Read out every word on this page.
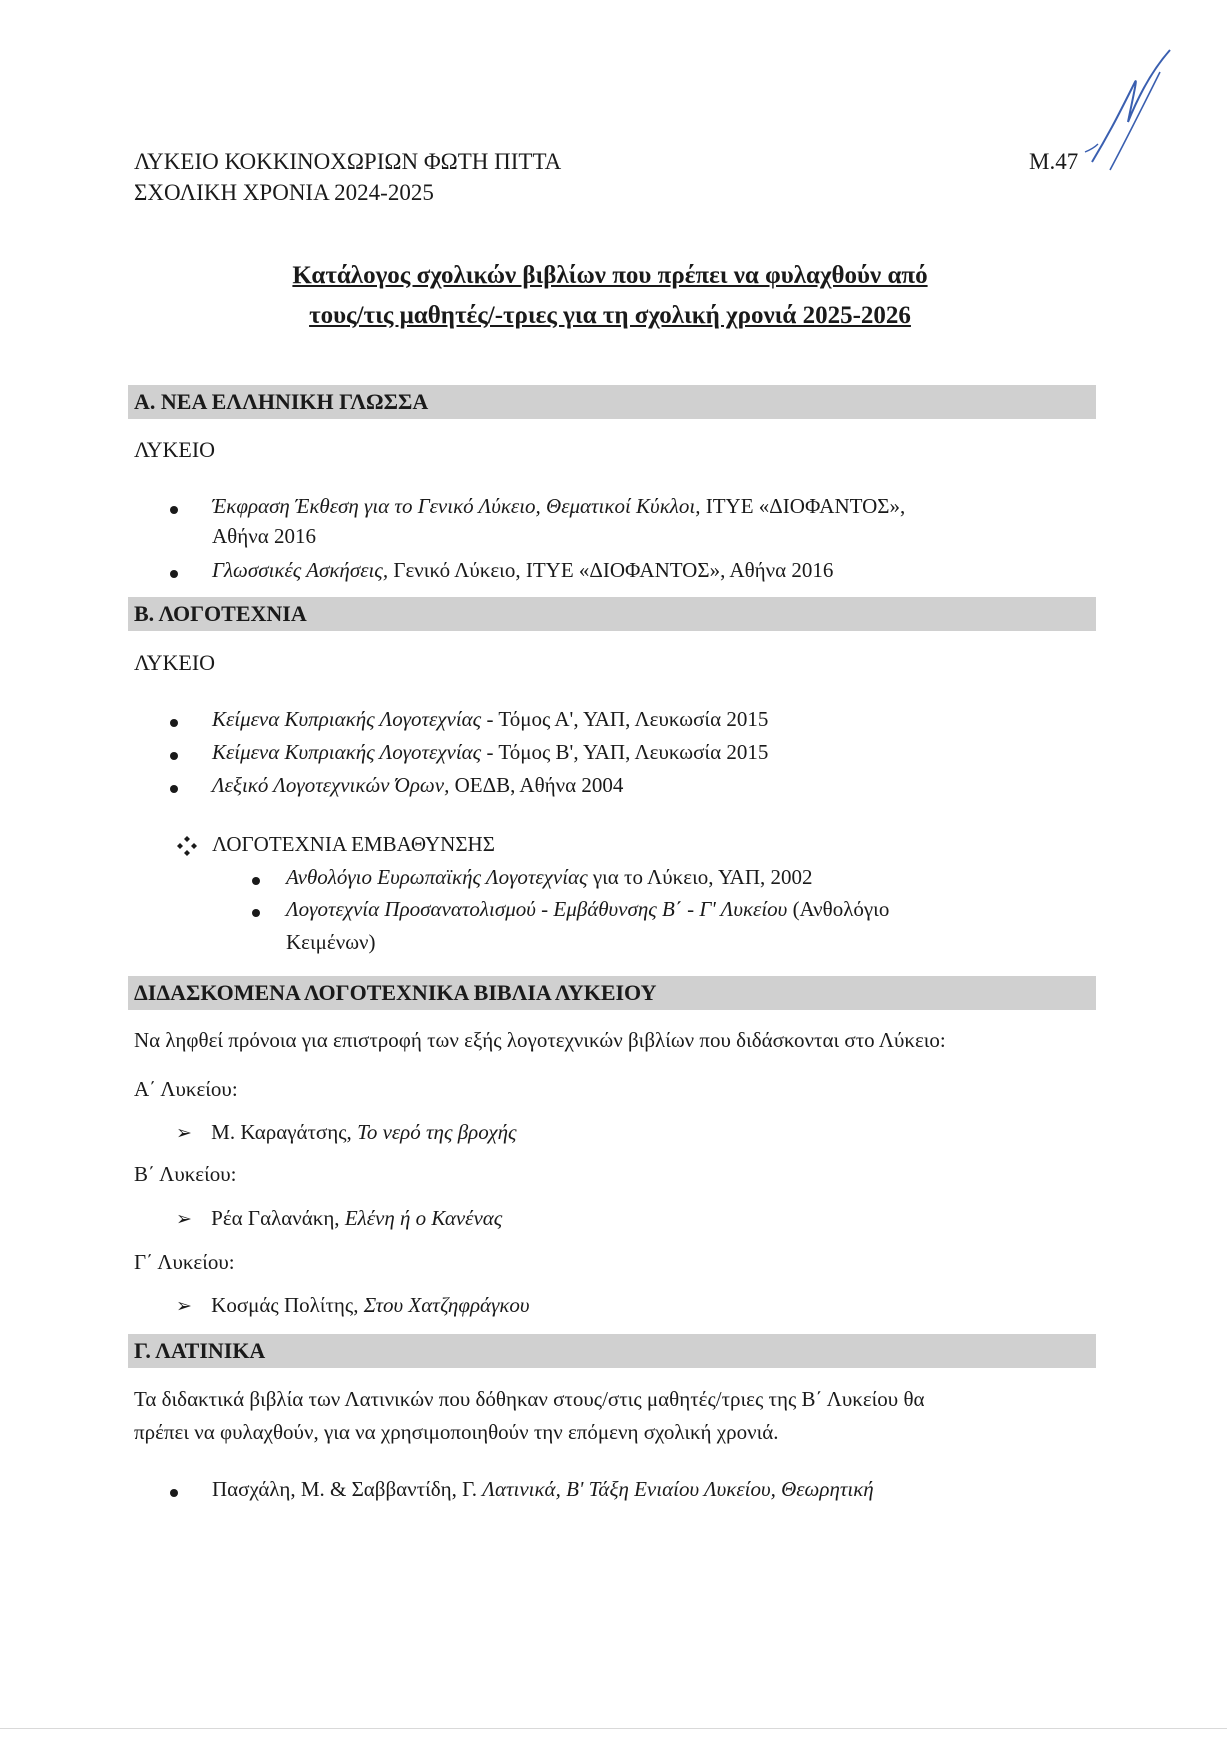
ΛΥΚΕΙΟ ΚΟΚΚΙΝΟΧΩΡΙΩΝ ΦΩΤΗ ΠΙΤΤΑ
ΣΧΟΛΙΚΗ ΧΡΟΝΙΑ 2024-2025
Μ.47
Κατάλογος σχολικών βιβλίων που πρέπει να φυλαχθούν από
τους/τις μαθητές/-τριες για τη σχολική χρονιά 2025-2026
Α. ΝΕΑ ΕΛΛΗΝΙΚΗ ΓΛΩΣΣΑ
ΛΥΚΕΙΟ
Έκφραση Έκθεση για το Γενικό Λύκειο, Θεματικοί Κύκλοι, ΙΤΥΕ «ΔΙΟΦΑΝΤΟΣ»,
Αθήνα 2016
Γλωσσικές Ασκήσεις, Γενικό Λύκειο, ΙΤΥΕ «ΔΙΟΦΑΝΤΟΣ», Αθήνα 2016
Β. ΛΟΓΟΤΕΧΝΙΑ
ΛΥΚΕΙΟ
Κείμενα Κυπριακής Λογοτεχνίας - Τόμος Α', ΥΑΠ, Λευκωσία 2015
Κείμενα Κυπριακής Λογοτεχνίας - Τόμος Β', ΥΑΠ, Λευκωσία 2015
Λεξικό Λογοτεχνικών Όρων, ΟΕΔΒ, Αθήνα 2004
ΛΟΓΟΤΕΧΝΙΑ ΕΜΒΑΘΥΝΣΗΣ
Ανθολόγιο Ευρωπαϊκής Λογοτεχνίας για το Λύκειο, ΥΑΠ, 2002
Λογοτεχνία Προσανατολισμού - Εμβάθυνσης Β΄ - Γ' Λυκείου (Ανθολόγιο
Κειμένων)
ΔΙΔΑΣΚΟΜΕΝΑ ΛΟΓΟΤΕΧΝΙΚΑ ΒΙΒΛΙΑ ΛΥΚΕΙΟΥ
Να ληφθεί πρόνοια για επιστροφή των εξής λογοτεχνικών βιβλίων που διδάσκονται στο Λύκειο:
Α΄ Λυκείου:
➢ Μ. Καραγάτσης, Το νερό της βροχής
Β΄ Λυκείου:
➢ Ρέα Γαλανάκη, Ελένη ή ο Κανένας
Γ΄ Λυκείου:
➢ Κοσμάς Πολίτης, Στου Χατζηφράγκου
Γ. ΛΑΤΙΝΙΚΑ
Τα διδακτικά βιβλία των Λατινικών που δόθηκαν στους/στις μαθητές/τριες της Β΄ Λυκείου θα
πρέπει να φυλαχθούν, για να χρησιμοποιηθούν την επόμενη σχολική χρονιά.
Πασχάλη, Μ. & Σαββαντίδη, Γ. Λατινικά, Β' Τάξη Ενιαίου Λυκείου, Θεωρητική
